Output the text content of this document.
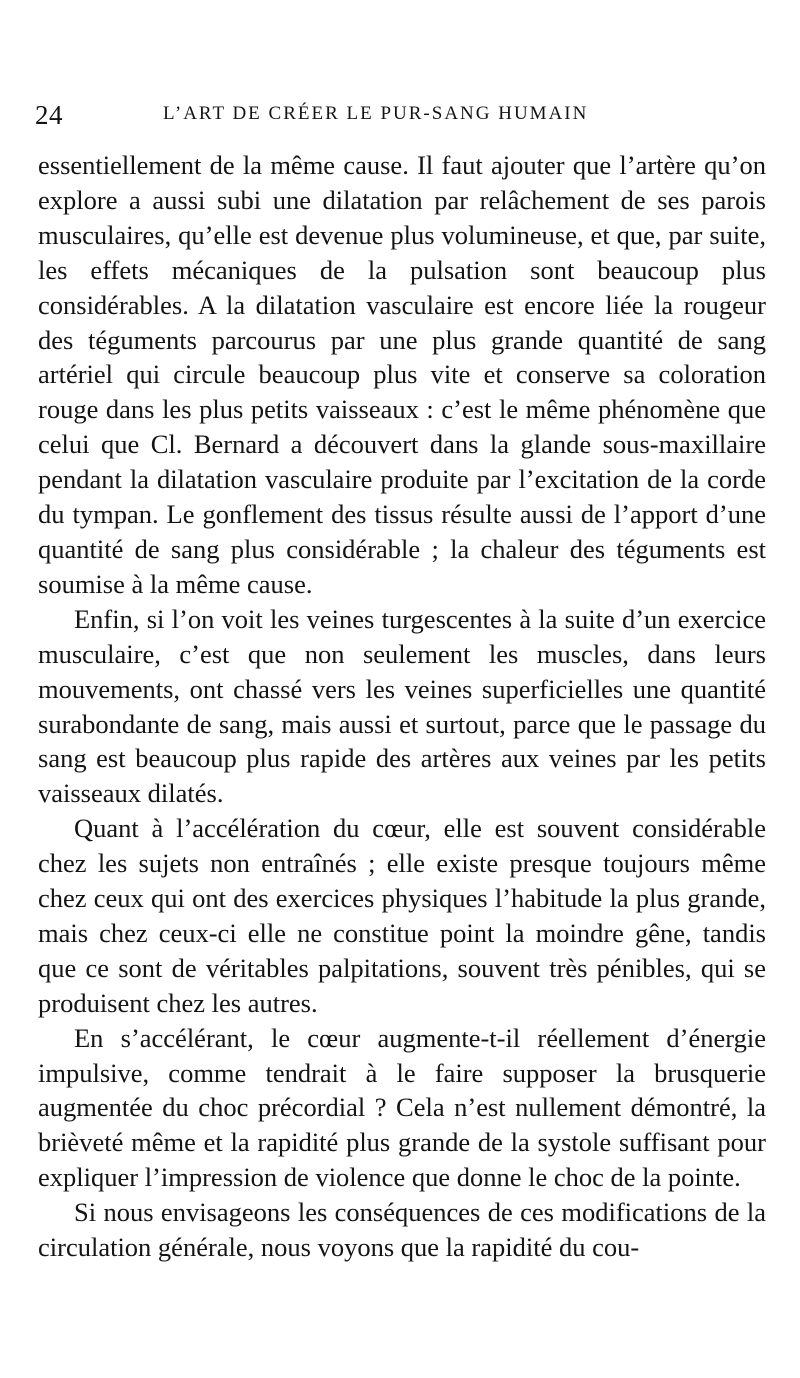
24	L’ART DE CRÉER LE PUR-SANG HUMAIN

essentiellement de la même cause. Il faut ajouter que l’artère qu’on explore a aussi subi une dilatation par relâchement de ses parois musculaires, qu’elle est devenue plus volumineuse, et que, par suite, les effets mécaniques de la pulsation sont beaucoup plus considérables. A la dilatation vasculaire est encore liée la rougeur des téguments parcourus par une plus grande quantité de sang artériel qui circule beaucoup plus vite et conserve sa coloration rouge dans les plus petits vaisseaux : c’est le même phénomène que celui que Cl. Bernard a découvert dans la glande sous-maxillaire pendant la dilatation vasculaire produite par l’excitation de la corde du tympan. Le gonflement des tissus résulte aussi de l’apport d’une quantité de sang plus considérable ; la chaleur des téguments est soumise à la même cause.

Enfin, si l’on voit les veines turgescentes à la suite d’un exercice musculaire, c’est que non seulement les muscles, dans leurs mouvements, ont chassé vers les veines superficielles une quantité surabondante de sang, mais aussi et surtout, parce que le passage du sang est beaucoup plus rapide des artères aux veines par les petits vaisseaux dilatés.

Quant à l’accélération du cœur, elle est souvent considérable chez les sujets non entraînés ; elle existe presque toujours même chez ceux qui ont des exercices physiques l’habitude la plus grande, mais chez ceux-ci elle ne constitue point la moindre gêne, tandis que ce sont de véritables palpitations, souvent très pénibles, qui se produisent chez les autres.

En s’accélérant, le cœur augmente-t-il réellement d’énergie impulsive, comme tendrait à le faire supposer la brusquerie augmentée du choc précordial ? Cela n’est nullement démontré, la brièveté même et la rapidité plus grande de la systole suffisant pour expliquer l’impression de violence que donne le choc de la pointe.

Si nous envisageons les conséquences de ces modifications de la circulation générale, nous voyons que la rapidité du cou-
